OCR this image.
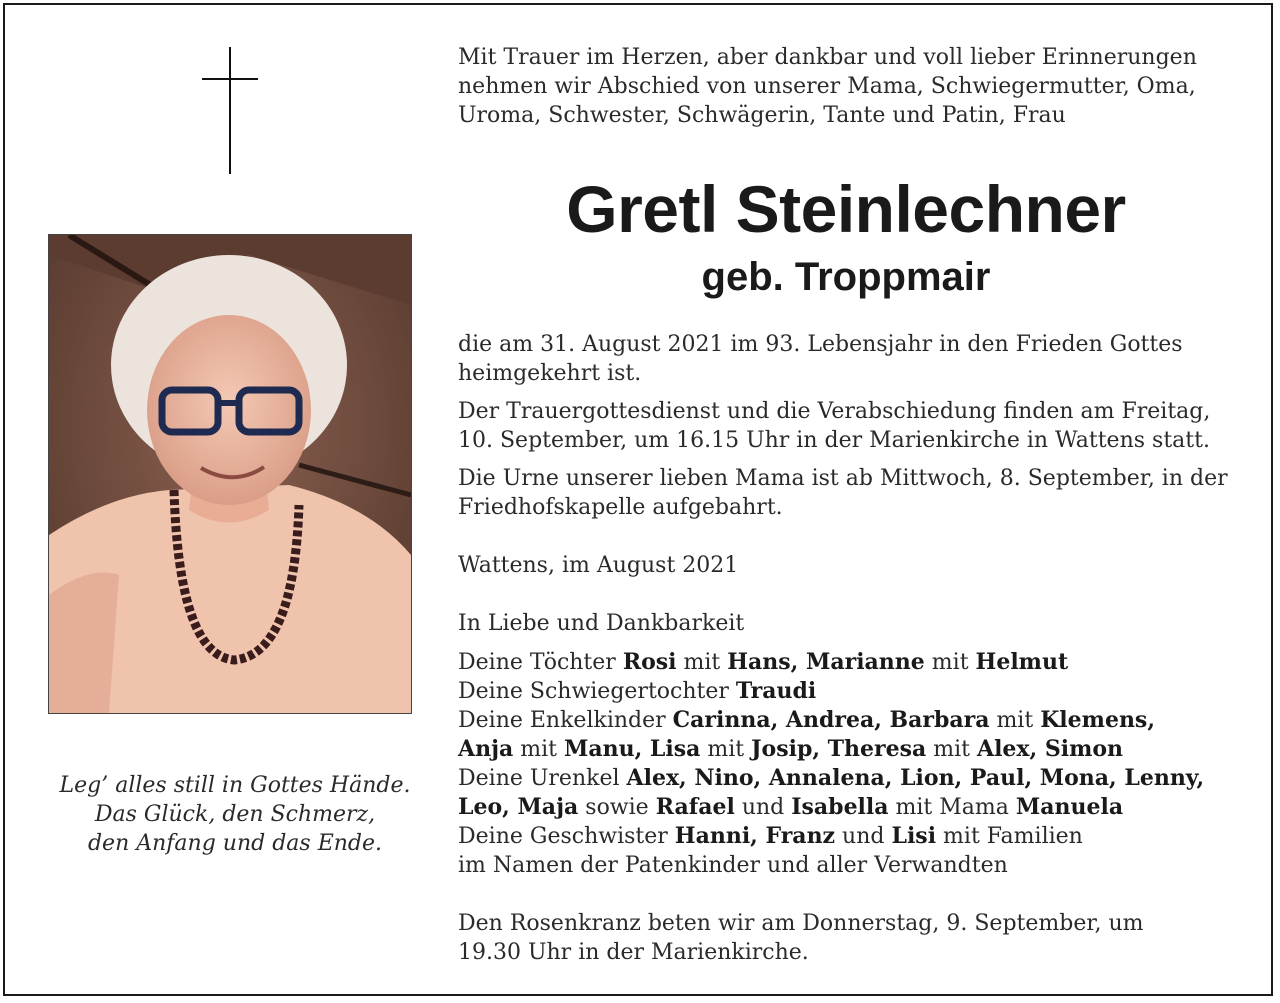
Leg’ alles still in Gottes Hände.
Das Glück, den Schmerz,
den Anfang und das Ende.
Mit Trauer im Herzen, aber dankbar und voll lieber Erinnerungen
nehmen wir Abschied von unserer Mama, Schwiegermutter, Oma,
Uroma, Schwester, Schwägerin, Tante und Patin, Frau
Gretl Steinlechner
geb. Troppmair
die am 31. August 2021 im 93. Lebensjahr in den Frieden Gottes
heimgekehrt ist.
Der Trauergottesdienst und die Verabschiedung finden am Freitag,
10. September, um 16.15 Uhr in der Marienkirche in Wattens statt.
Die Urne unserer lieben Mama ist ab Mittwoch, 8. September, in der
Friedhofskapelle aufgebahrt.
Wattens, im August 2021
In Liebe und Dankbarkeit
Deine Töchter Rosi mit Hans, Marianne mit Helmut
Deine Schwiegertochter Traudi
Deine Enkelkinder Carinna, Andrea, Barbara mit Klemens,
Anja mit Manu, Lisa mit Josip, Theresa mit Alex, Simon
Deine Urenkel Alex, Nino, Annalena, Lion, Paul, Mona, Lenny,
Leo, Maja sowie Rafael und Isabella mit Mama Manuela
Deine Geschwister Hanni, Franz und Lisi mit Familien
im Namen der Patenkinder und aller Verwandten
Den Rosenkranz beten wir am Donnerstag, 9. September, um
19.30 Uhr in der Marienkirche.
